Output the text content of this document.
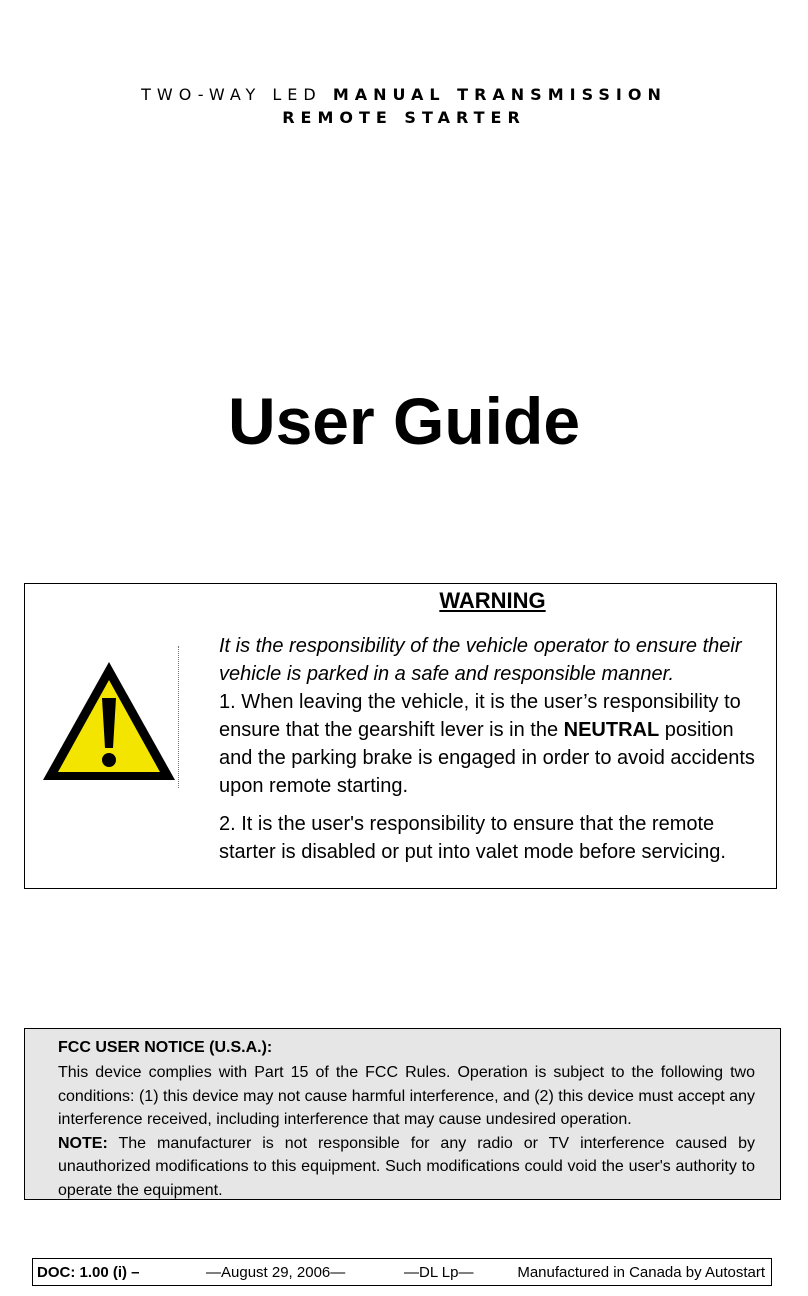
TWO-WAY LED MANUAL TRANSMISSION
REMOTE STARTER
User Guide
WARNING

It is the responsibility of the vehicle operator to ensure their vehicle is parked in a safe and responsible manner.

1. When leaving the vehicle, it is the user’s responsibility to ensure that the gearshift lever is in the NEUTRAL position and the parking brake is engaged in order to avoid accidents upon remote starting.

2. It is the user's responsibility to ensure that the remote starter is disabled or put into valet mode before servicing.

FCC USER NOTICE (U.S.A.):

This device complies with Part 15 of the FCC Rules. Operation is subject to the following two conditions: (1) this device may not cause harmful interference, and (2) this device must accept any interference received, including interference that may cause undesired operation.

NOTE: The manufacturer is not responsible for any radio or TV interference caused by unauthorized modifications to this equipment. Such modifications could void the user's authority to operate the equipment.

DOC: 1.00 (i) –	—August 29, 2006—	—DL Lp—	Manufactured in Canada by Autostart
